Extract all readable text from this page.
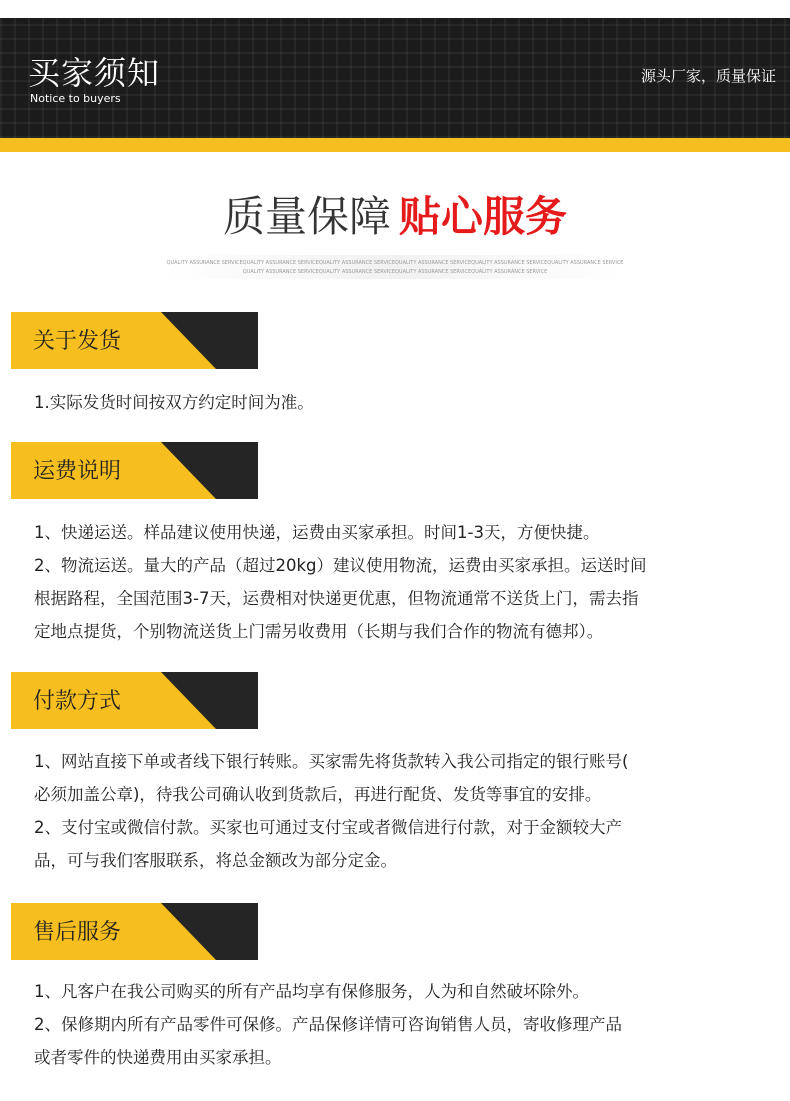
买家须知
Notice to buyers
源头厂家，质量保证
质量保障 贴心服务
QUALITY ASSURANCE SERVICEQUALITY ASSURANCE SERVICEQUALITY ASSURANCE SERVICEQUALITY ASSURANCE SERVICEQUALITY ASSURANCE SERVICEQUALITY ASSURANCE SERVICE
QUALITY ASSURANCE SERVICEQUALITY ASSURANCE SERVICEQUALITY ASSURANCE SERVICEQUALITY ASSURANCE SERVICE
关于发货
1.实际发货时间按双方约定时间为准。
运费说明
1、快递运送。样品建议使用快递，运费由买家承担。时间1-3天，方便快捷。
2、物流运送。量大的产品（超过20kg）建议使用物流，运费由买家承担。运送时间
根据路程，全国范围3-7天，运费相对快递更优惠，但物流通常不送货上门，需去指
定地点提货，个别物流送货上门需另收费用（长期与我们合作的物流有德邦）。
付款方式
1、网站直接下单或者线下银行转账。买家需先将货款转入我公司指定的银行账号(
必须加盖公章)，待我公司确认收到货款后，再进行配货、发货等事宜的安排。
2、支付宝或微信付款。买家也可通过支付宝或者微信进行付款，对于金额较大产
品，可与我们客服联系，将总金额改为部分定金。
售后服务
1、凡客户在我公司购买的所有产品均享有保修服务，人为和自然破坏除外。
2、保修期内所有产品零件可保修。产品保修详情可咨询销售人员，寄收修理产品
或者零件的快递费用由买家承担。
